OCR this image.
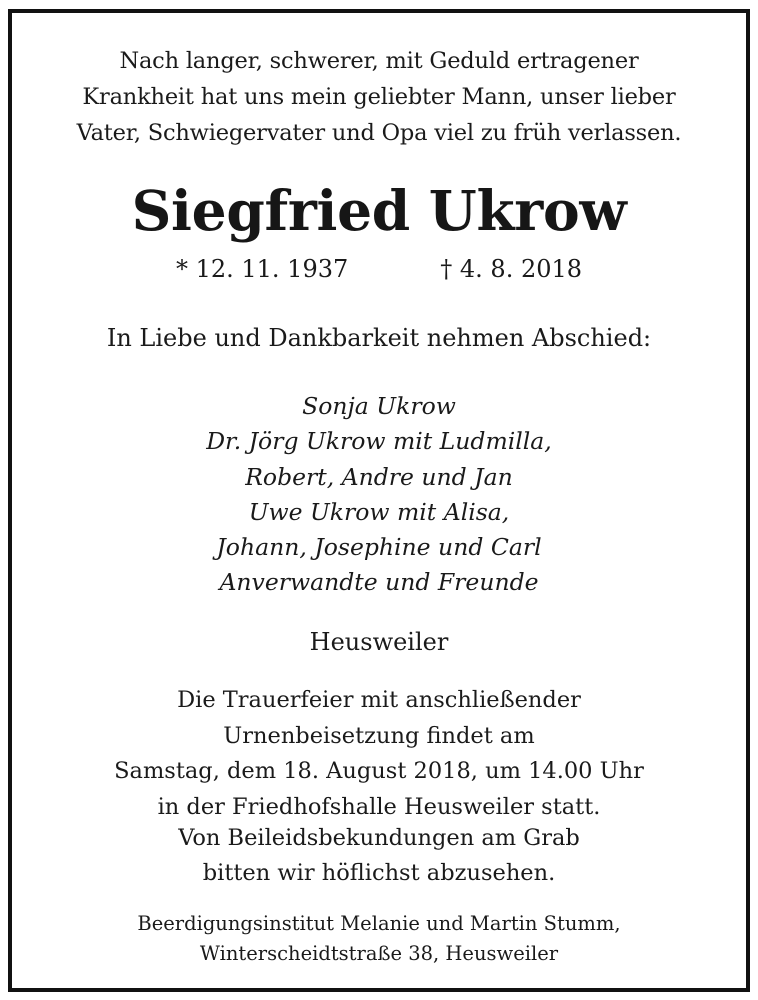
Nach langer, schwerer, mit Geduld ertragener
Krankheit hat uns mein geliebter Mann, unser lieber
Vater, Schwiegervater und Opa viel zu früh verlassen.
Siegfried Ukrow
* 12. 11. 1937	† 4. 8. 2018
In Liebe und Dankbarkeit nehmen Abschied:
Sonja Ukrow
Dr. Jörg Ukrow mit Ludmilla,
Robert, Andre und Jan
Uwe Ukrow mit Alisa,
Johann, Josephine und Carl
Anverwandte und Freunde
Heusweiler
Die Trauerfeier mit anschließender
Urnenbeisetzung findet am
Samstag, dem 18. August 2018, um 14.00 Uhr
in der Friedhofshalle Heusweiler statt.
Von Beileidsbekundungen am Grab
bitten wir höflichst abzusehen.
Beerdigungsinstitut Melanie und Martin Stumm,
Winterscheidtstraße 38, Heusweiler
